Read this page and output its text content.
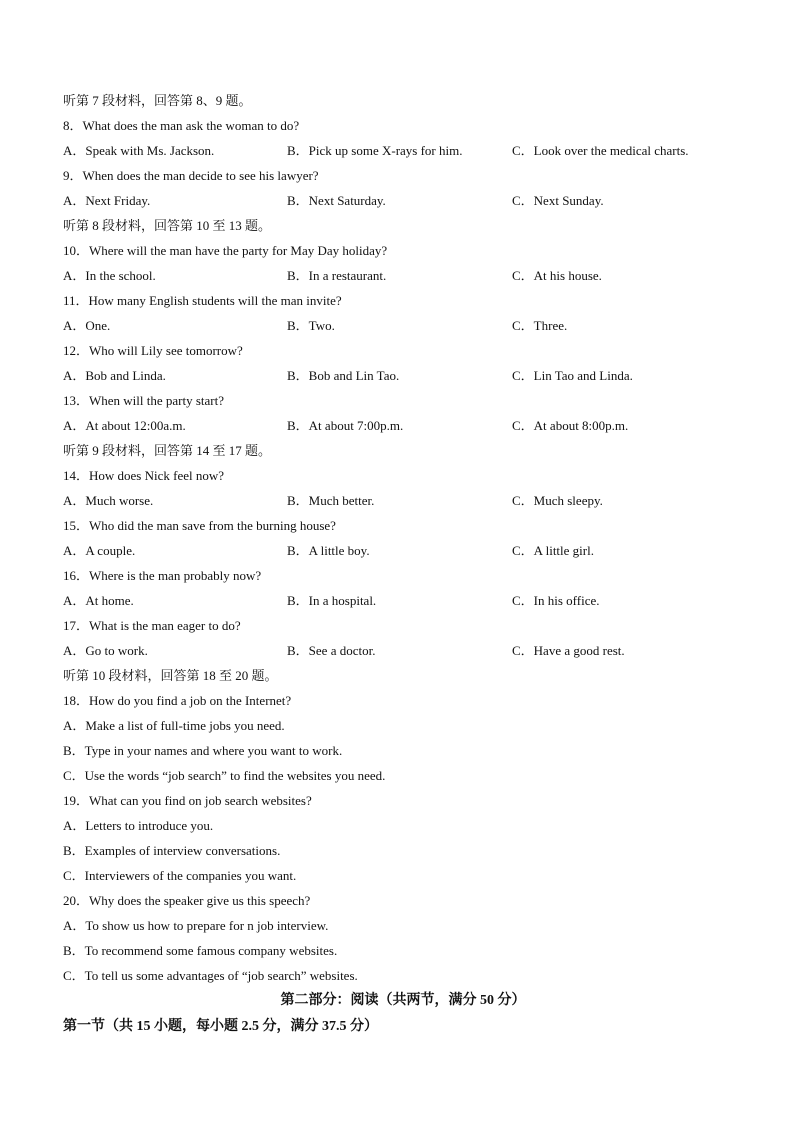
听第 7 段材料，回答第 8、9 题。
8．What does the man ask the woman to do?
A．Speak with Ms. Jackson.	B．Pick up some X-rays for him.	C．Look over the medical charts.
9．When does the man decide to see his lawyer?
A．Next Friday.	B．Next Saturday.	C．Next Sunday.
听第 8 段材料，回答第 10 至 13 题。
10．Where will the man have the party for May Day holiday?
A．In the school.	B．In a restaurant.	C．At his house.
11．How many English students will the man invite?
A．One.	B．Two.	C．Three.
12．Who will Lily see tomorrow?
A．Bob and Linda.	B．Bob and Lin Tao.	C．Lin Tao and Linda.
13．When will the party start?
A．At about 12:00a.m.	B．At about 7:00p.m.	C．At about 8:00p.m.
听第 9 段材料，回答第 14 至 17 题。
14．How does Nick feel now?
A．Much worse.	B．Much better.	C．Much sleepy.
15．Who did the man save from the burning house?
A．A couple.	B．A little boy.	C．A little girl.
16．Where is the man probably now?
A．At home.	B．In a hospital.	C．In his office.
17．What is the man eager to do?
A．Go to work.	B．See a doctor.	C．Have a good rest.
听第 10 段材料，回答第 18 至 20 题。
18．How do you find a job on the Internet?
A．Make a list of full-time jobs you need.
B．Type in your names and where you want to work.
C．Use the words “job search” to find the websites you need.
19．What can you find on job search websites?
A．Letters to introduce you.
B．Examples of interview conversations.
C．Interviewers of the companies you want.
20．Why does the speaker give us this speech?
A．To show us how to prepare for n job interview.
B．To recommend some famous company websites.
C．To tell us some advantages of “job search” websites.
第二部分：阅读（共两节，满分 50 分）
第一节（共 15 小题，每小题 2.5 分，满分 37.5 分）
